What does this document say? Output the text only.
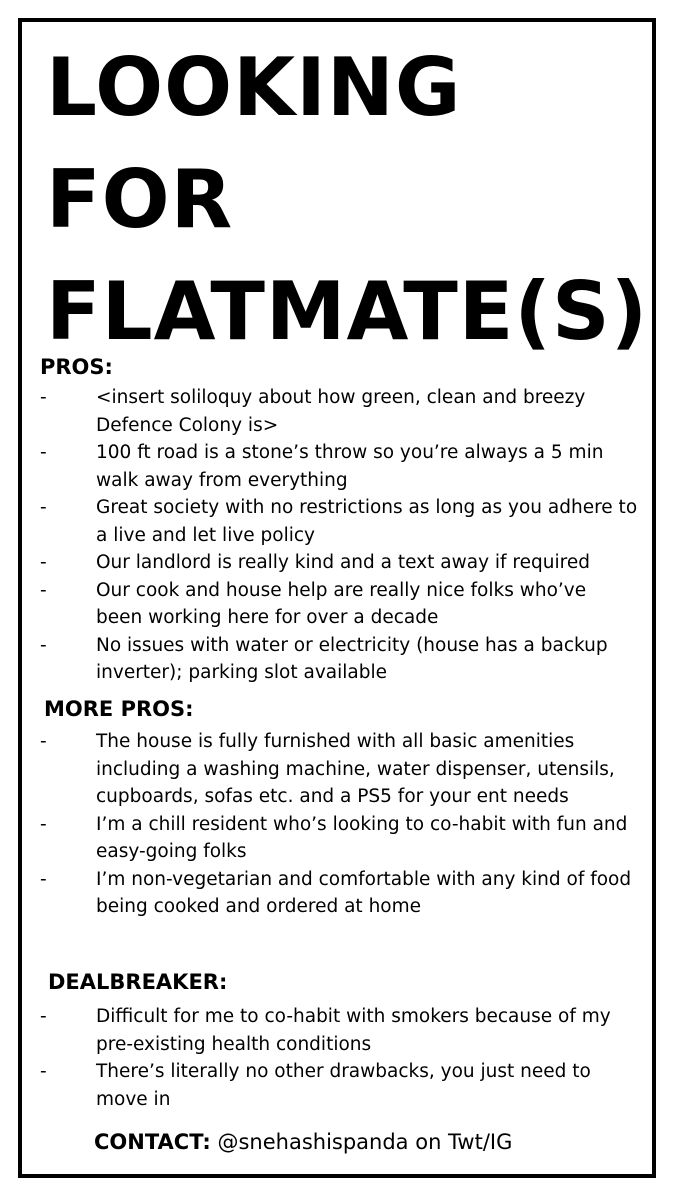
LOOKING
FOR
FLATMATE(S)
PROS:
-	<insert soliloquy about how green, clean and breezy Defence Colony is>
-	100 ft road is a stone’s throw so you’re always a 5 min walk away from everything
-	Great society with no restrictions as long as you adhere to a live and let live policy
-	Our landlord is really kind and a text away if required
-	Our cook and house help are really nice folks who’ve been working here for over a decade
-	No issues with water or electricity (house has a backup inverter); parking slot available
MORE PROS:
-	The house is fully furnished with all basic amenities including a washing machine, water dispenser, utensils, cupboards, sofas etc. and a PS5 for your ent needs
-	I’m a chill resident who’s looking to co-habit with fun and easy-going folks
-	I’m non-vegetarian and comfortable with any kind of food being cooked and ordered at home
DEALBREAKER:
-	Difficult for me to co-habit with smokers because of my pre-existing health conditions
-	There’s literally no other drawbacks, you just need to move in
CONTACT: @snehashispanda on Twt/IG
